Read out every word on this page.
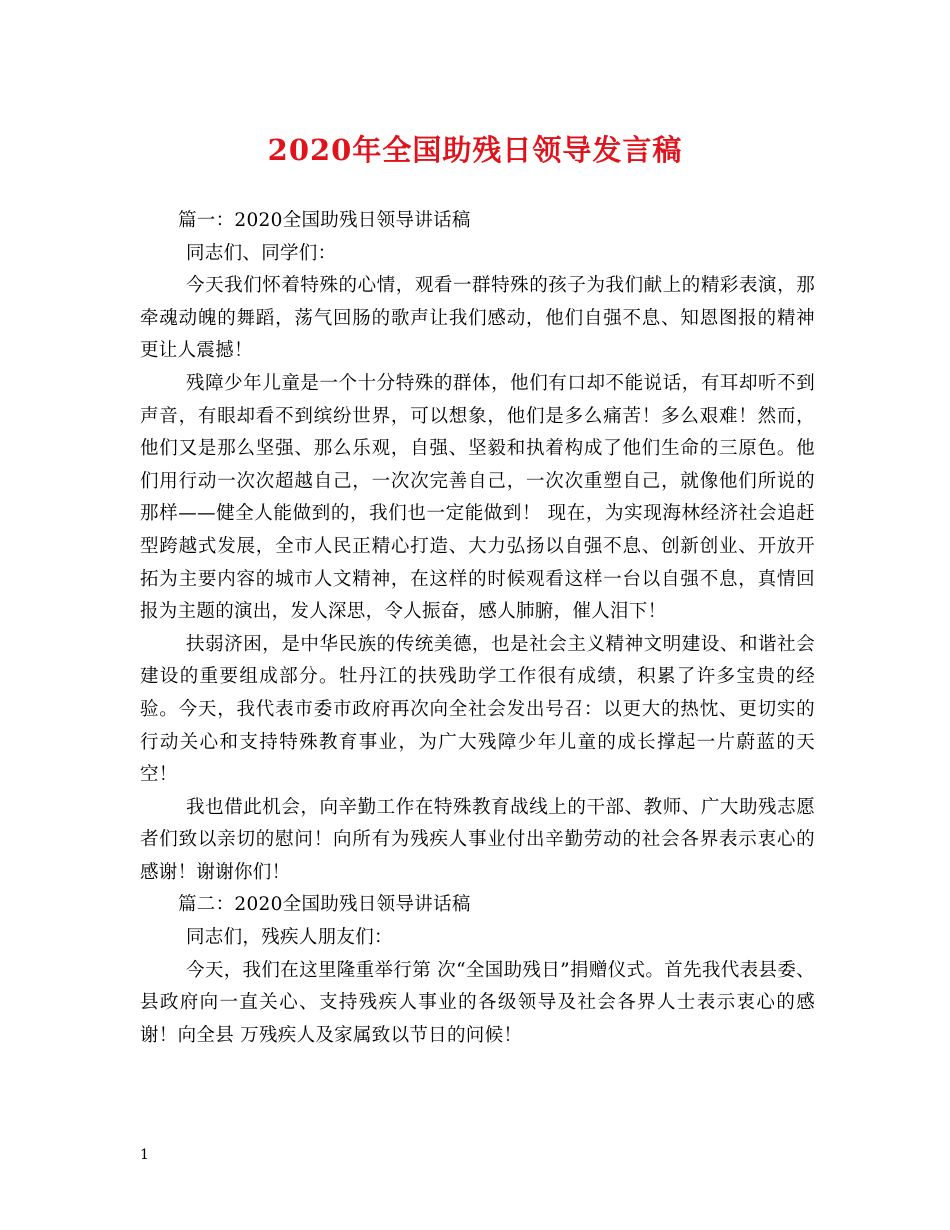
2020年全国助残日领导发言稿

篇一：2020全国助残日领导讲话稿

同志们、同学们：

今天我们怀着特殊的心情，观看一群特殊的孩子为我们献上的精彩表演，那牵魂动魄的舞蹈，荡气回肠的歌声让我们感动，他们自强不息、知恩图报的精神更让人震撼！

残障少年儿童是一个十分特殊的群体，他们有口却不能说话，有耳却听不到声音，有眼却看不到缤纷世界，可以想象，他们是多么痛苦！多么艰难！然而，他们又是那么坚强、那么乐观，自强、坚毅和执着构成了他们生命的三原色。他们用行动一次次超越自己，一次次完善自己，一次次重塑自己，就像他们所说的那样——健全人能做到的，我们也一定能做到！ 现在，为实现海林经济社会追赶型跨越式发展，全市人民正精心打造、大力弘扬以自强不息、创新创业、开放开拓为主要内容的城市人文精神，在这样的时候观看这样一台以自强不息，真情回报为主题的演出，发人深思，令人振奋，感人肺腑，催人泪下！

扶弱济困，是中华民族的传统美德，也是社会主义精神文明建设、和谐社会建设的重要组成部分。牡丹江的扶残助学工作很有成绩，积累了许多宝贵的经验。今天，我代表市委市政府再次向全社会发出号召：以更大的热忱、更切实的行动关心和支持特殊教育事业，为广大残障少年儿童的成长撑起一片蔚蓝的天空！

我也借此机会，向辛勤工作在特殊教育战线上的干部、教师、广大助残志愿者们致以亲切的慰问！向所有为残疾人事业付出辛勤劳动的社会各界表示衷心的感谢！谢谢你们！

篇二：2020全国助残日领导讲话稿

同志们，残疾人朋友们：

今天，我们在这里隆重举行第 次“全国助残日”捐赠仪式。首先我代表县委、县政府向一直关心、支持残疾人事业的各级领导及社会各界人士表示衷心的感谢！向全县 万残疾人及家属致以节日的问候！

1
